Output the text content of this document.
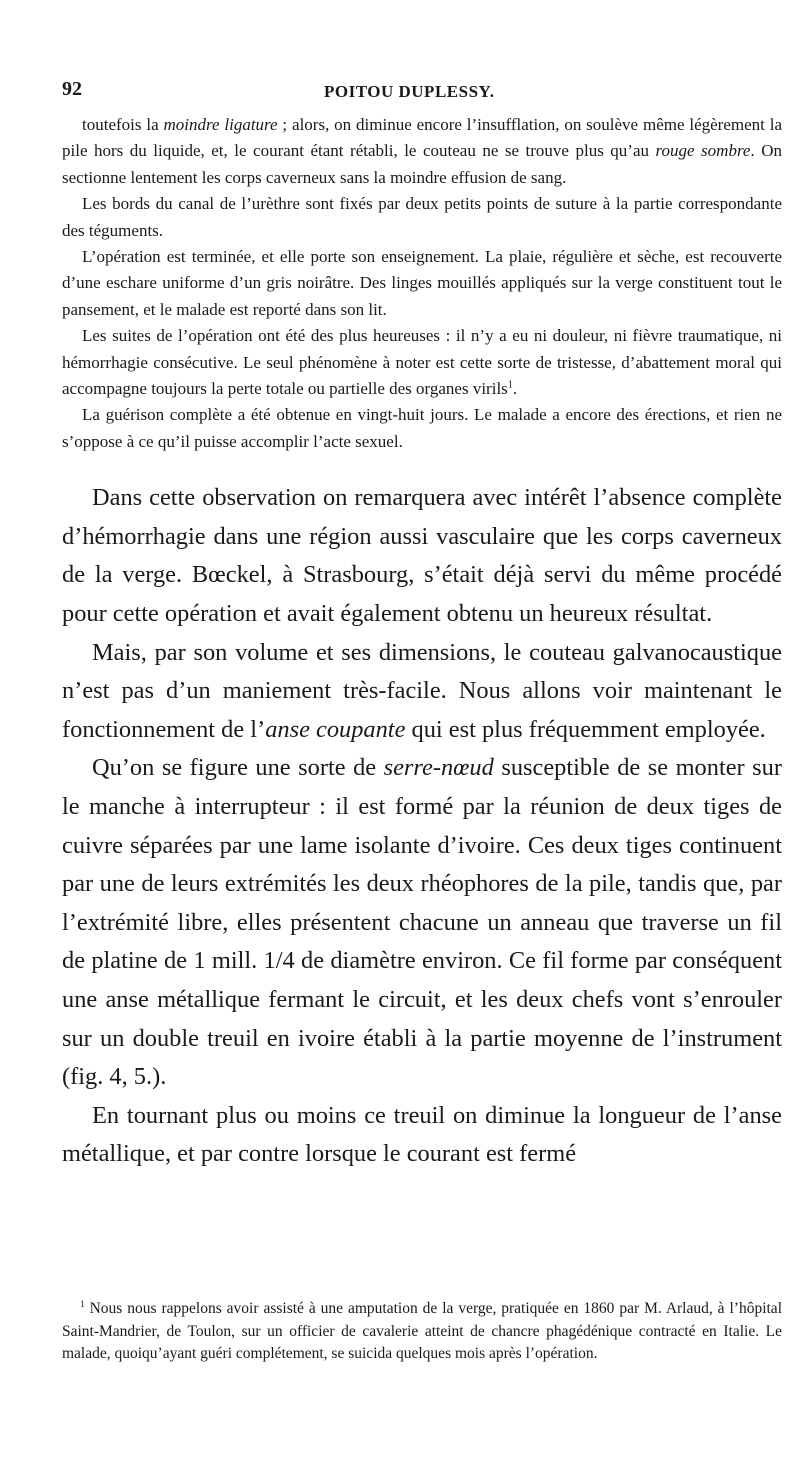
92	POITOU DUPLESSY.

toutefois la moindre ligature ; alors, on diminue encore l’insufflation, on soulève même légèrement la pile hors du liquide, et, le courant étant rétabli, le couteau ne se trouve plus qu’au rouge sombre. On sectionne lentement les corps caverneux sans la moindre effusion de sang.

Les bords du canal de l’urèthre sont fixés par deux petits points de suture à la partie correspondante des téguments.

L’opération est terminée, et elle porte son enseignement. La plaie, régulière et sèche, est recouverte d’une eschare uniforme d’un gris noirâtre. Des linges mouillés appliqués sur la verge constituent tout le pansement, et le malade est reporté dans son lit.

Les suites de l’opération ont été des plus heureuses : il n’y a eu ni douleur, ni fièvre traumatique, ni hémorrhagie consécutive. Le seul phénomène à noter est cette sorte de tristesse, d’abattement moral qui accompagne toujours la perte totale ou partielle des organes virils$^1$.

La guérison complète a été obtenue en vingt-huit jours. Le malade a encore des érections, et rien ne s’oppose à ce qu’il puisse accomplir l’acte sexuel.

Dans cette observation on remarquera avec intérêt l’absence complète d’hémorrhagie dans une région aussi vasculaire que les corps caverneux de la verge. Bœckel, à Strasbourg, s’était déjà servi du même procédé pour cette opération et avait également obtenu un heureux résultat.

Mais, par son volume et ses dimensions, le couteau galvanocaustique n’est pas d’un maniement très-facile. Nous allons voir maintenant le fonctionnement de l’anse coupante qui est plus fréquemment employée.

Qu’on se figure une sorte de serre-nœud susceptible de se monter sur le manche à interrupteur : il est formé par la réunion de deux tiges de cuivre séparées par une lame isolante d’ivoire. Ces deux tiges continuent par une de leurs extrémités les deux rhéophores de la pile, tandis que, par l’extrémité libre, elles présentent chacune un anneau que traverse un fil de platine de 1 mill. 1/4 de diamètre environ. Ce fil forme par conséquent une anse métallique fermant le circuit, et les deux chefs vont s’enrouler sur un double treuil en ivoire établi à la partie moyenne de l’instrument (fig. 4, 5.).

En tournant plus ou moins ce treuil on diminue la longueur de l’anse métallique, et par contre lorsque le courant est fermé

$^1$ Nous nous rappelons avoir assisté à une amputation de la verge, pratiquée en 1860 par M. Arlaud, à l’hôpital Saint-Mandrier, de Toulon, sur un officier de cavalerie atteint de chancre phagédénique contracté en Italie. Le malade, quoiqu’ayant guéri complétement, se suicida quelques mois après l’opération.
